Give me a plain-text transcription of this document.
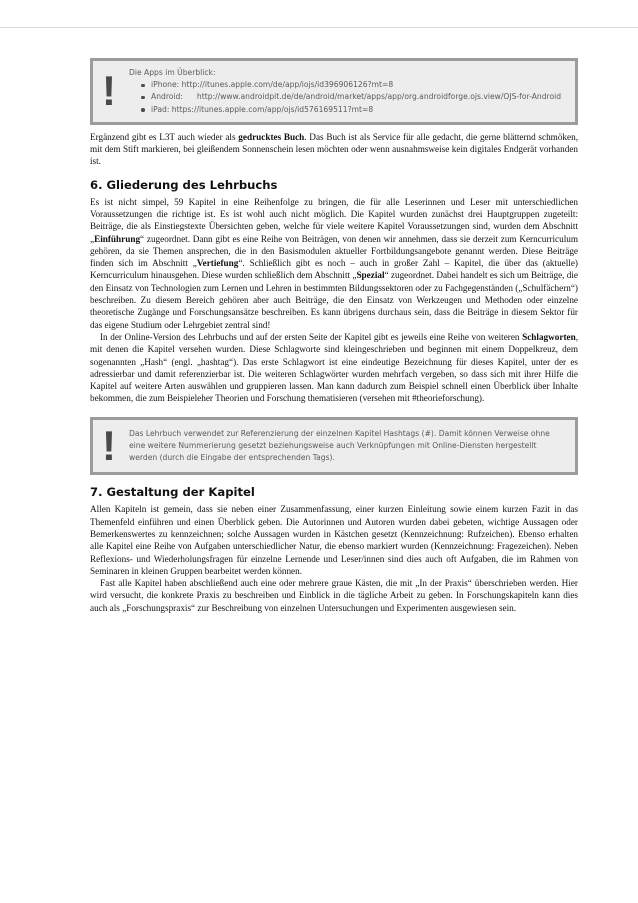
! Die Apps im Überblick:
iPhone: http://itunes.apple.com/de/app/iojs/id396906126?mt=8
Android: http://www.androidpit.de/de/android/market/apps/app/org.androidforge.ojs.view/OJS-for-Android
iPad: https://itunes.apple.com/app/ojs/id576169511?mt=8

Ergänzend gibt es L3T auch wieder als gedrucktes Buch. Das Buch ist als Service für alle gedacht, die gerne blätternd schmöken, mit dem Stift markieren, bei gleißendem Sonnenschein lesen möchten oder wenn ausnahmsweise kein digitales Endgerät vorhanden ist.

6. Gliederung des Lehrbuchs

Es ist nicht simpel, 59 Kapitel in eine Reihenfolge zu bringen, die für alle Leserinnen und Leser mit unterschiedlichen Voraussetzungen die richtige ist. Es ist wohl auch nicht möglich. Die Kapitel wurden zunächst drei Hauptgruppen zugeteilt: Beiträge, die als Einstiegstexte Übersichten geben, welche für viele weitere Kapitel Voraussetzungen sind, wurden dem Abschnitt „Einführung“ zugeordnet. Dann gibt es eine Reihe von Beiträgen, von denen wir annehmen, dass sie derzeit zum Kerncurriculum gehören, da sie Themen ansprechen, die in den Basismodulen aktueller Fortbildungsangebote genannt werden. Diese Beiträge finden sich im Abschnitt „Vertiefung“. Schließlich gibt es noch – auch in großer Zahl – Kapitel, die über das (aktuelle) Kerncurriculum hinausgehen. Diese wurden schließlich dem Abschnitt „Spezial“ zugeordnet. Dabei handelt es sich um Beiträge, die den Einsatz von Technologien zum Lernen und Lehren in bestimmten Bildungssektoren oder zu Fachgegenständen („Schulfächern“) beschreiben. Zu diesem Bereich gehören aber auch Beiträge, die den Einsatz von Werkzeugen und Methoden oder einzelne theoretische Zugänge und Forschungsansätze beschreiben. Es kann übrigens durchaus sein, dass die Beiträge in diesem Sektor für das eigene Studium oder Lehrgebiet zentral sind!

In der Online-Version des Lehrbuchs und auf der ersten Seite der Kapitel gibt es jeweils eine Reihe von weiteren Schlagworten, mit denen die Kapitel versehen wurden. Diese Schlagworte sind kleingeschrieben und beginnen mit einem Doppelkreuz, dem sogenannten „Hash“ (engl. „hashtag“). Das erste Schlagwort ist eine eindeutige Bezeichnung für dieses Kapitel, unter der es adressierbar und damit referenzierbar ist. Die weiteren Schlagwörter wurden mehrfach vergeben, so dass sich mit ihrer Hilfe die Kapitel auf weitere Arten auswählen und gruppieren lassen. Man kann dadurch zum Beispiel schnell einen Überblick über Inhalte bekommen, die zum Beispieleher Theorien und Forschung thematisieren (versehen mit #theorieforschung).

! Das Lehrbuch verwendet zur Referenzierung der einzelnen Kapitel Hashtags (#). Damit können Verweise ohne eine weitere Nummerierung gesetzt beziehungsweise auch Verknüpfungen mit Online-Diensten hergestellt werden (durch die Eingabe der entsprechenden Tags).
7. Gestaltung der Kapitel

Allen Kapiteln ist gemein, dass sie neben einer Zusammenfassung, einer kurzen Einleitung sowie einem kurzen Fazit in das Themenfeld einführen und einen Überblick geben. Die Autorinnen und Autoren wurden dabei gebeten, wichtige Aussagen oder Bemerkenswertes zu kennzeichnen; solche Aussagen wurden in Kästchen gesetzt (Kennzeichnung: Rufzeichen). Ebenso erhalten alle Kapitel eine Reihe von Aufgaben unterschiedlicher Natur, die ebenso markiert wurden (Kennzeichnung: Fragezeichen). Neben Reflexions- und Wiederholungsfragen für einzelne Lernende und Leser/innen sind dies auch oft Aufgaben, die im Rahmen von Seminaren in kleinen Gruppen bearbeitet werden können.

Fast alle Kapitel haben abschließend auch eine oder mehrere graue Kästen, die mit „In der Praxis“ überschrieben werden. Hier wird versucht, die konkrete Praxis zu beschreiben und Einblick in die tägliche Arbeit zu geben. In Forschungskapiteln kann dies auch als „Forschungspraxis“ zur Beschreibung von einzelnen Untersuchungen und Experimenten ausgewiesen sein.
